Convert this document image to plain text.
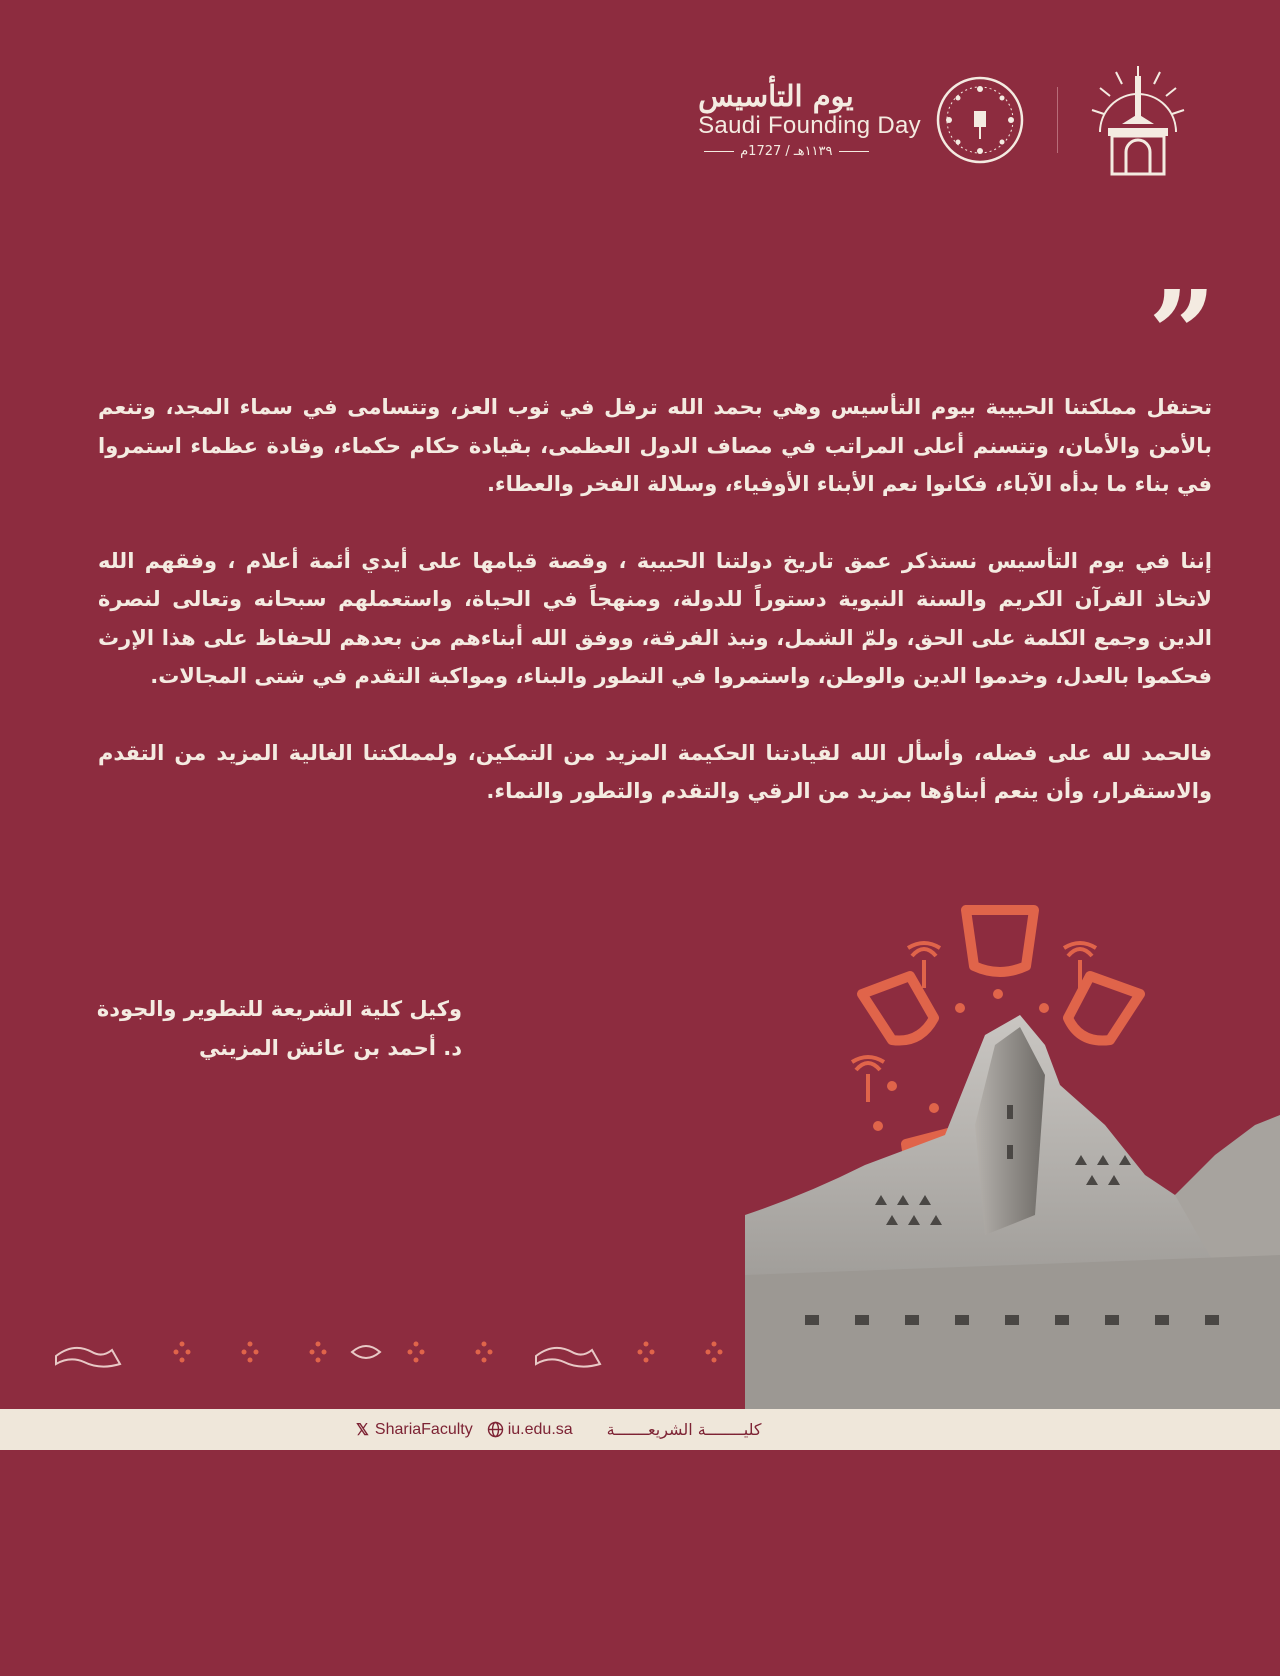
يوم التأسيس
Saudi Founding Day
١١٣٩هـ / 1727م
”

تحتفل مملكتنا الحبيبة بيوم التأسيس وهي بحمد الله ترفل في ثوب العز، وتتسامى في سماء المجد، وتنعم بالأمن والأمان، وتتسنم أعلى المراتب في مصاف الدول العظمى، بقيادة حكام حكماء، وقادة عظماء استمروا في بناء ما بدأه الآباء، فكانوا نعم الأبناء الأوفياء، وسلالة الفخر والعطاء.

إننا في يوم التأسيس نستذكر عمق تاريخ دولتنا الحبيبة ، وقصة قيامها على أيدي أئمة أعلام ، وفقهم الله لاتخاذ القرآن الكريم والسنة النبوية دستوراً للدولة، ومنهجاً في الحياة، واستعملهم سبحانه وتعالى لنصرة الدين وجمع الكلمة على الحق، ولمّ الشمل، ونبذ الفرقة، ووفق الله أبناءهم من بعدهم للحفاظ على هذا الإرث فحكموا بالعدل، وخدموا الدين والوطن، واستمروا في التطور والبناء، ومواكبة التقدم في شتى المجالات.

فالحمد لله على فضله، وأسأل الله لقيادتنا الحكيمة المزيد من التمكين، ولمملكتنا الغالية المزيد من التقدم والاستقرار، وأن ينعم أبناؤها بمزيد من الرقي والتقدم والتطور والنماء.

وكيل كلية الشريعة للتطوير والجودة
د. أحمد بن عائش المزيني
𝕏 ShariaFaculty iu.edu.sa كليــــــــة الشريعـــــــة
